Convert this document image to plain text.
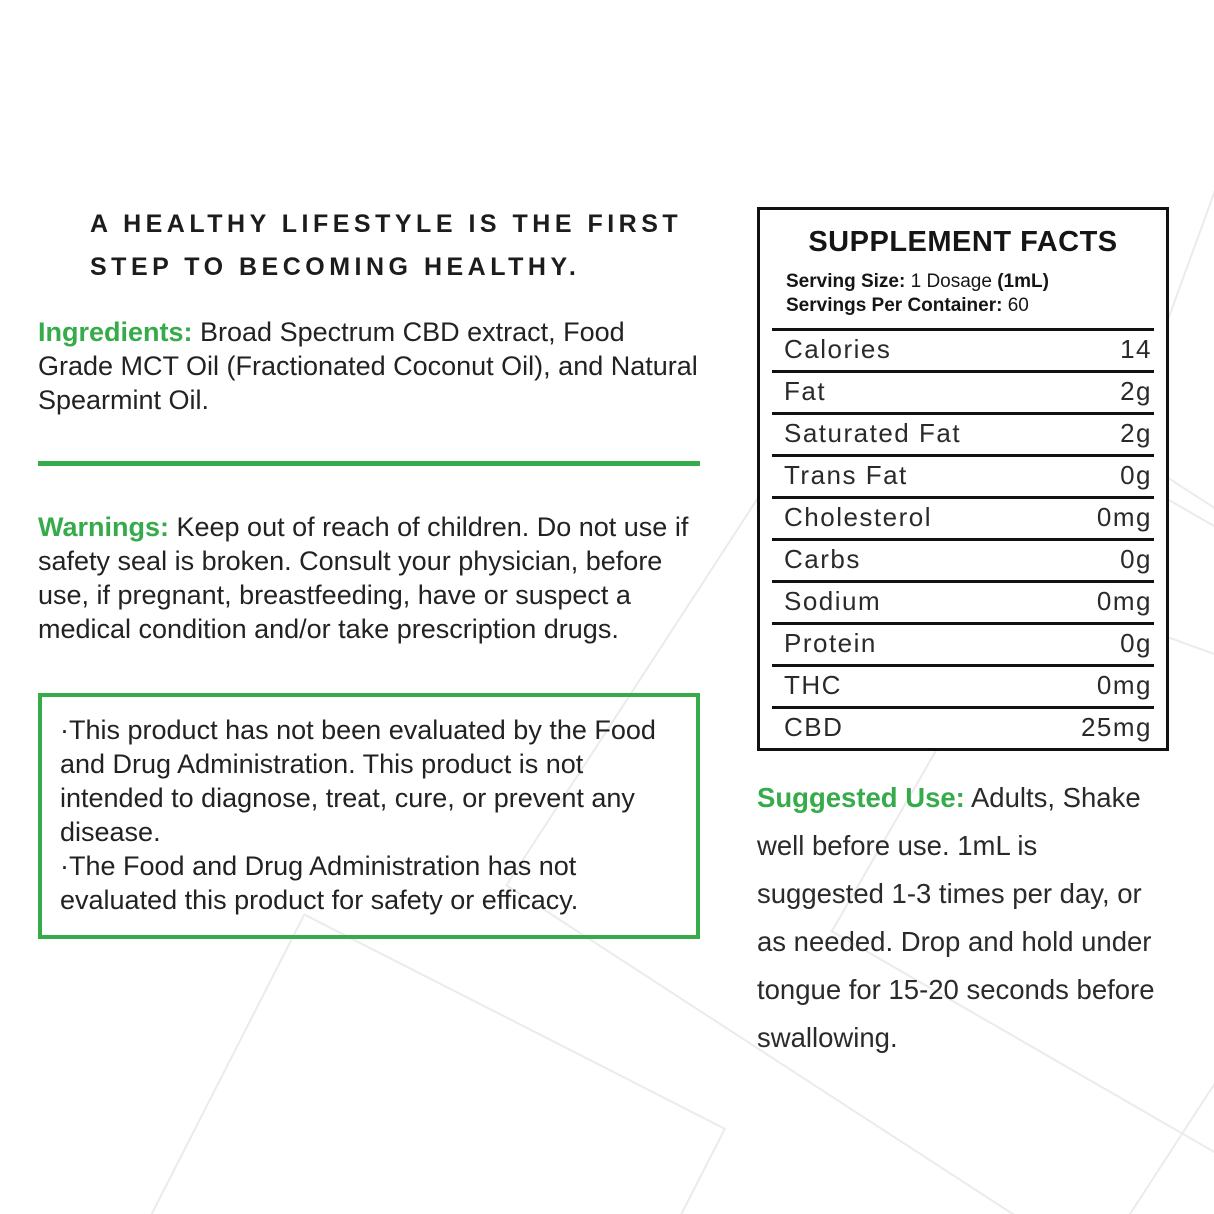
A HEALTHY LIFESTYLE IS THE FIRST
STEP TO BECOMING HEALTHY.

Ingredients: Broad Spectrum CBD extract, Food Grade MCT Oil (Fractionated Coconut Oil), and Natural Spearmint Oil.

Warnings: Keep out of reach of children. Do not use if safety seal is broken. Consult your physician, before use, if pregnant, breastfeeding, have or suspect a medical condition and/or take prescription drugs.

·This product has not been evaluated by the Food and Drug Administration. This product is not intended to diagnose, treat, cure, or prevent any disease.

·The Food and Drug Administration has not evaluated this product for safety or efficacy.

SUPPLEMENT FACTS
Serving Size: 1 Dosage (1mL)
Servings Per Container: 60
Calories	14
Fat	2g
Saturated Fat	2g
Trans Fat	0g
Cholesterol	0mg
Carbs	0g
Sodium	0mg
Protein	0g
THC	0mg
CBD	25mg

Suggested Use: Adults, Shake well before use. 1mL is suggested 1-3 times per day, or as needed. Drop and hold under tongue for 15-20 seconds before swallowing.
